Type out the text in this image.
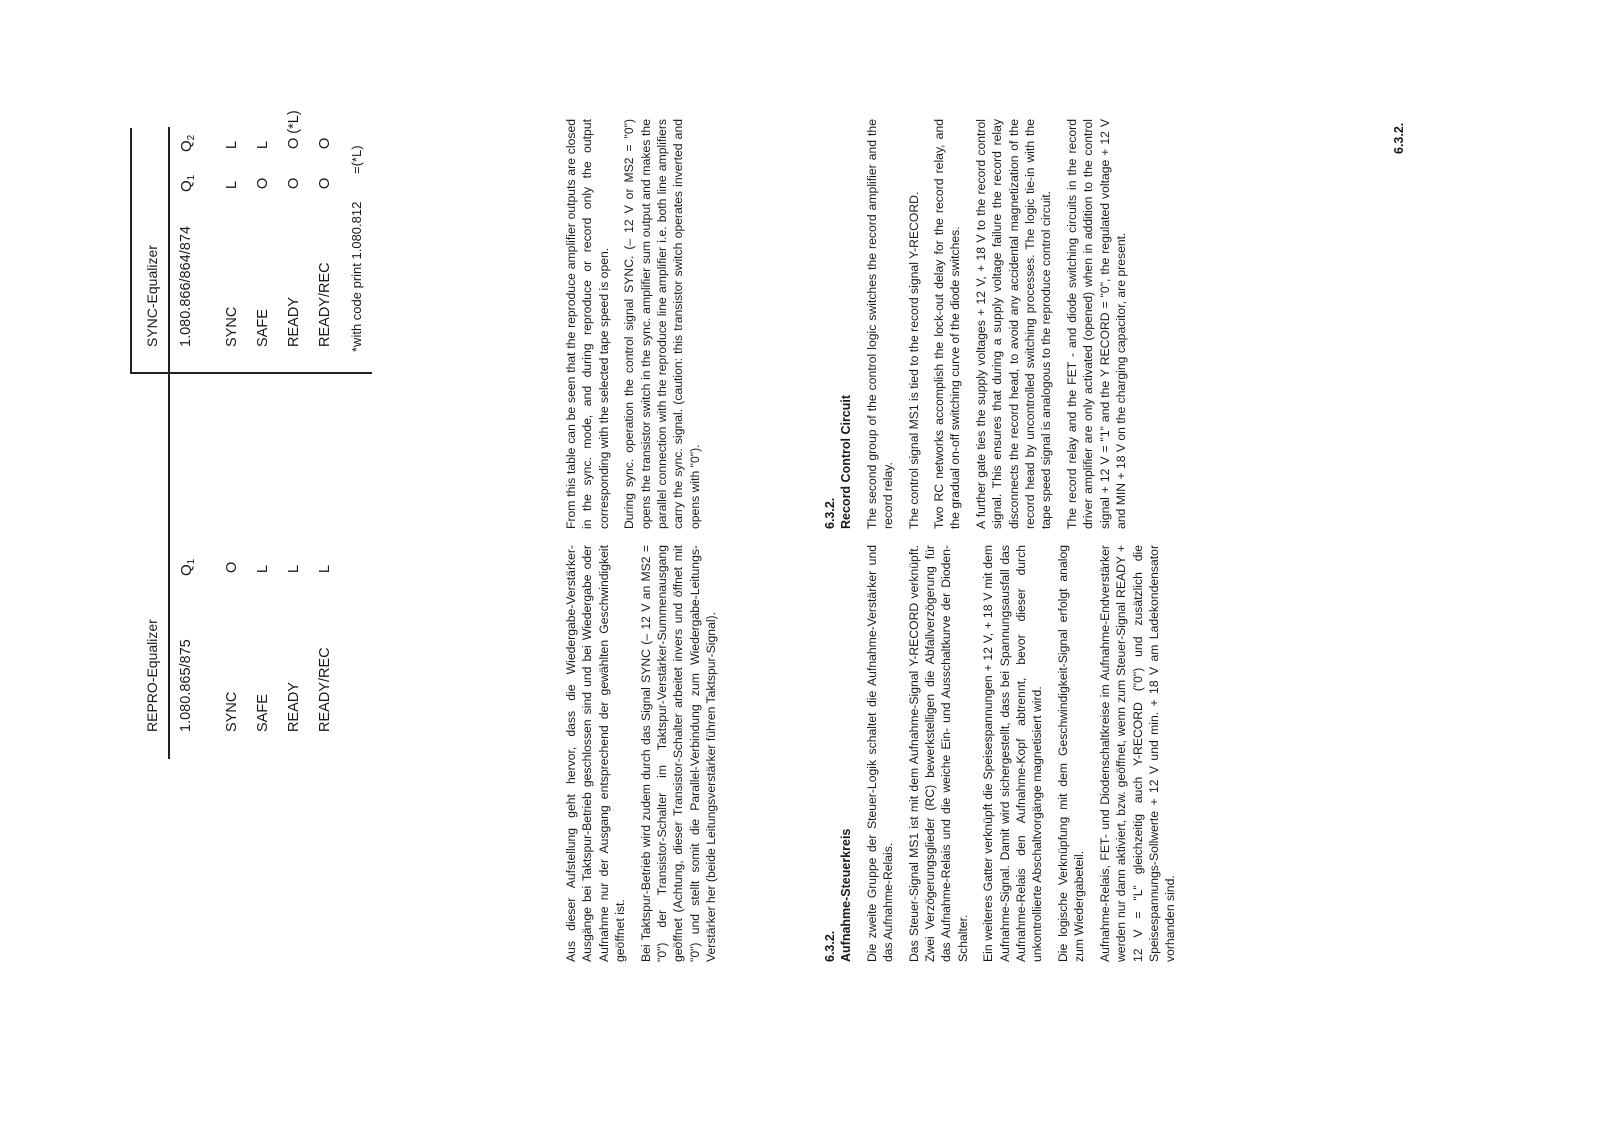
REPRO-Equalizer 1.080.865/875
$Q_1$
SYNC
O
SAFE
L
READY
L
READY/REC
L
SYNC-Equalizer 1.080.866/864/874
$Q_1$
$Q_2$
SYNC
L
L
SAFE
O
L
READY
O
O (*L)
READY/REC
O
O
*with code print 1.080.812
=(*L)

Aus dieser Aufstellung geht hervor, dass die Wiedergabe-Verstärker-Ausgänge bei Taktspur-Betrieb geschlossen sind und bei Wiedergabe oder Aufnahme nur der Ausgang entsprechend der gewählten Geschwindigkeit geöffnet ist. Bei Taktspur-Betrieb wird zudem durch das Signal SYNC (– 12 V an MS2 = "0") der Transistor-Schalter im Taktspur-Verstärker-Summenausgang geöffnet (Achtung, dieser Transistor-Schalter arbeitet invers und öffnet mit "0") und stellt somit die Parallel-Verbindung zum Wiedergabe-Leitungs-Verstärker her (beide Leitungsverstärker führen Taktspur-Signal).	6.3.2. Aufnahme-Steuerkreis Die zweite Gruppe der Steuer-Logik schaltet die Aufnahme-Verstärker und das Aufnahme-Relais. Das Steuer-Signal MS1 ist mit dem Aufnahme-Signal Y-RECORD verknüpft. Zwei Verzögerungsglieder (RC) bewerkstelligen die Abfallverzögerung für das Aufnahme-Relais und die weiche Ein- und Ausschaltkurve der Dioden-Schalter. Ein weiteres Gatter verknüpft die Speisespannungen + 12 V, + 18 V mit dem Aufnahme-Signal. Damit wird sichergestellt, dass bei Spannungsausfall das Aufnahme-Relais den Aufnahme-Kopf abtrennt, bevor dieser durch unkontrollierte Abschaltvorgänge magnetisiert wird. Die logische Verknüpfung mit dem Geschwindigkeit-Signal erfolgt analog zum Wiedergabeteil. Aufnahme-Relais, FET- und Diodenschaltkreise im Aufnahme-Endverstärker werden nur dann aktiviert, bzw. geöffnet, wenn zum Steuer-Signal READY + 12 V = "L" gleichzeitig auch Y-RECORD ("0") und zusätzlich die Speisespannungs-Sollwerte + 12 V und min. + 18 V am Ladekondensator vorhanden sind.

From this table can be seen that the reproduce amplifier outputs are closed in the sync. mode, and during reproduce or record only the output corresponding with the selected tape speed is open. During sync. operation the control signal SYNC. (– 12 V or MS2 = "0") opens the transistor switch in the sync. amplifier sum output and makes the parallel connection with the reproduce line amplifier i.e. both line amplifiers carry the sync. signal. (caution: this transistor switch operates inverted and opens with "0").	6.3.2. Record Control Circuit The second group of the control logic switches the record amplifier and the record relay. The control signal MS1 is tied to the record signal Y-RECORD. Two RC networks accomplish the lock-out delay for the record relay, and the gradual on-off switching curve of the diode switches. A further gate ties the supply voltages + 12 V, + 18 V to the record control signal. This ensures that during a supply voltage failure the record relay disconnects the record head, to avoid any accidental magnetization of the record head by uncontrolled switching processes. The logic tie-in with the tape speed signal is analogous to the reproduce control circuit. The record relay and the FET - and diode switching circuits in the record driver amplifier are only activated (opened) when in addition to the control signal + 12 V = "1" and the Y RECORD = "0", the regulated voltage + 12 V and MIN + 18 V on the charging capacitor, are present.

6.3.2.
